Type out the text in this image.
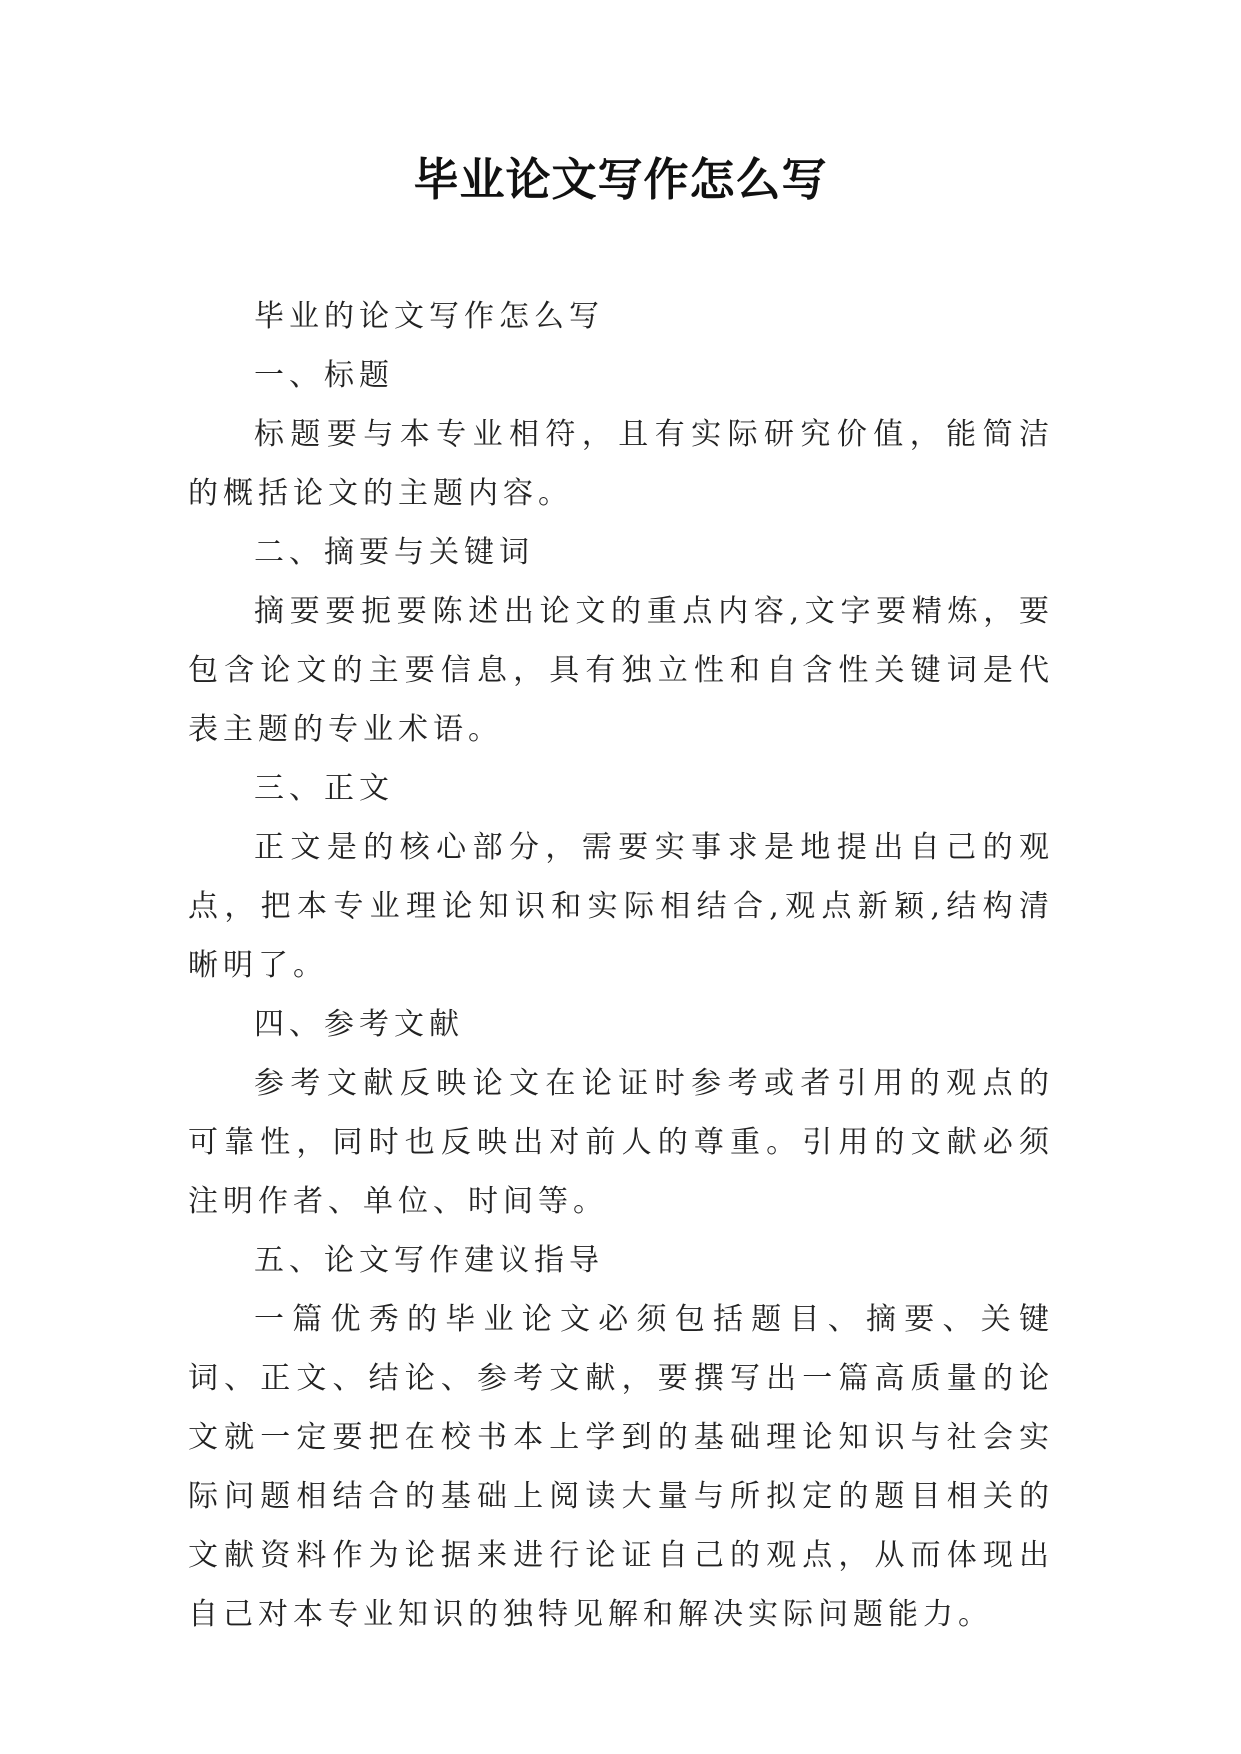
毕业论文写作怎么写

毕业的论文写作怎么写

一、标题

标题要与本专业相符，且有实际研究价值，能简洁的概括论文的主题内容。

二、摘要与关键词

摘要要扼要陈述出论文的重点内容,文字要精炼，要包含论文的主要信息，具有独立性和自含性关键词是代表主题的专业术语。

三、正文

正文是的核心部分，需要实事求是地提出自己的观点，把本专业理论知识和实际相结合,观点新颖,结构清晰明了。

四、参考文献

参考文献反映论文在论证时参考或者引用的观点的可靠性，同时也反映出对前人的尊重。引用的文献必须注明作者、单位、时间等。

五、论文写作建议指导

一篇优秀的毕业论文必须包括题目、摘要、关键词、正文、结论、参考文献，要撰写出一篇高质量的论文就一定要把在校书本上学到的基础理论知识与社会实际问题相结合的基础上阅读大量与所拟定的题目相关的文献资料作为论据来进行论证自己的观点，从而体现出自己对本专业知识的独特见解和解决实际问题能力。
